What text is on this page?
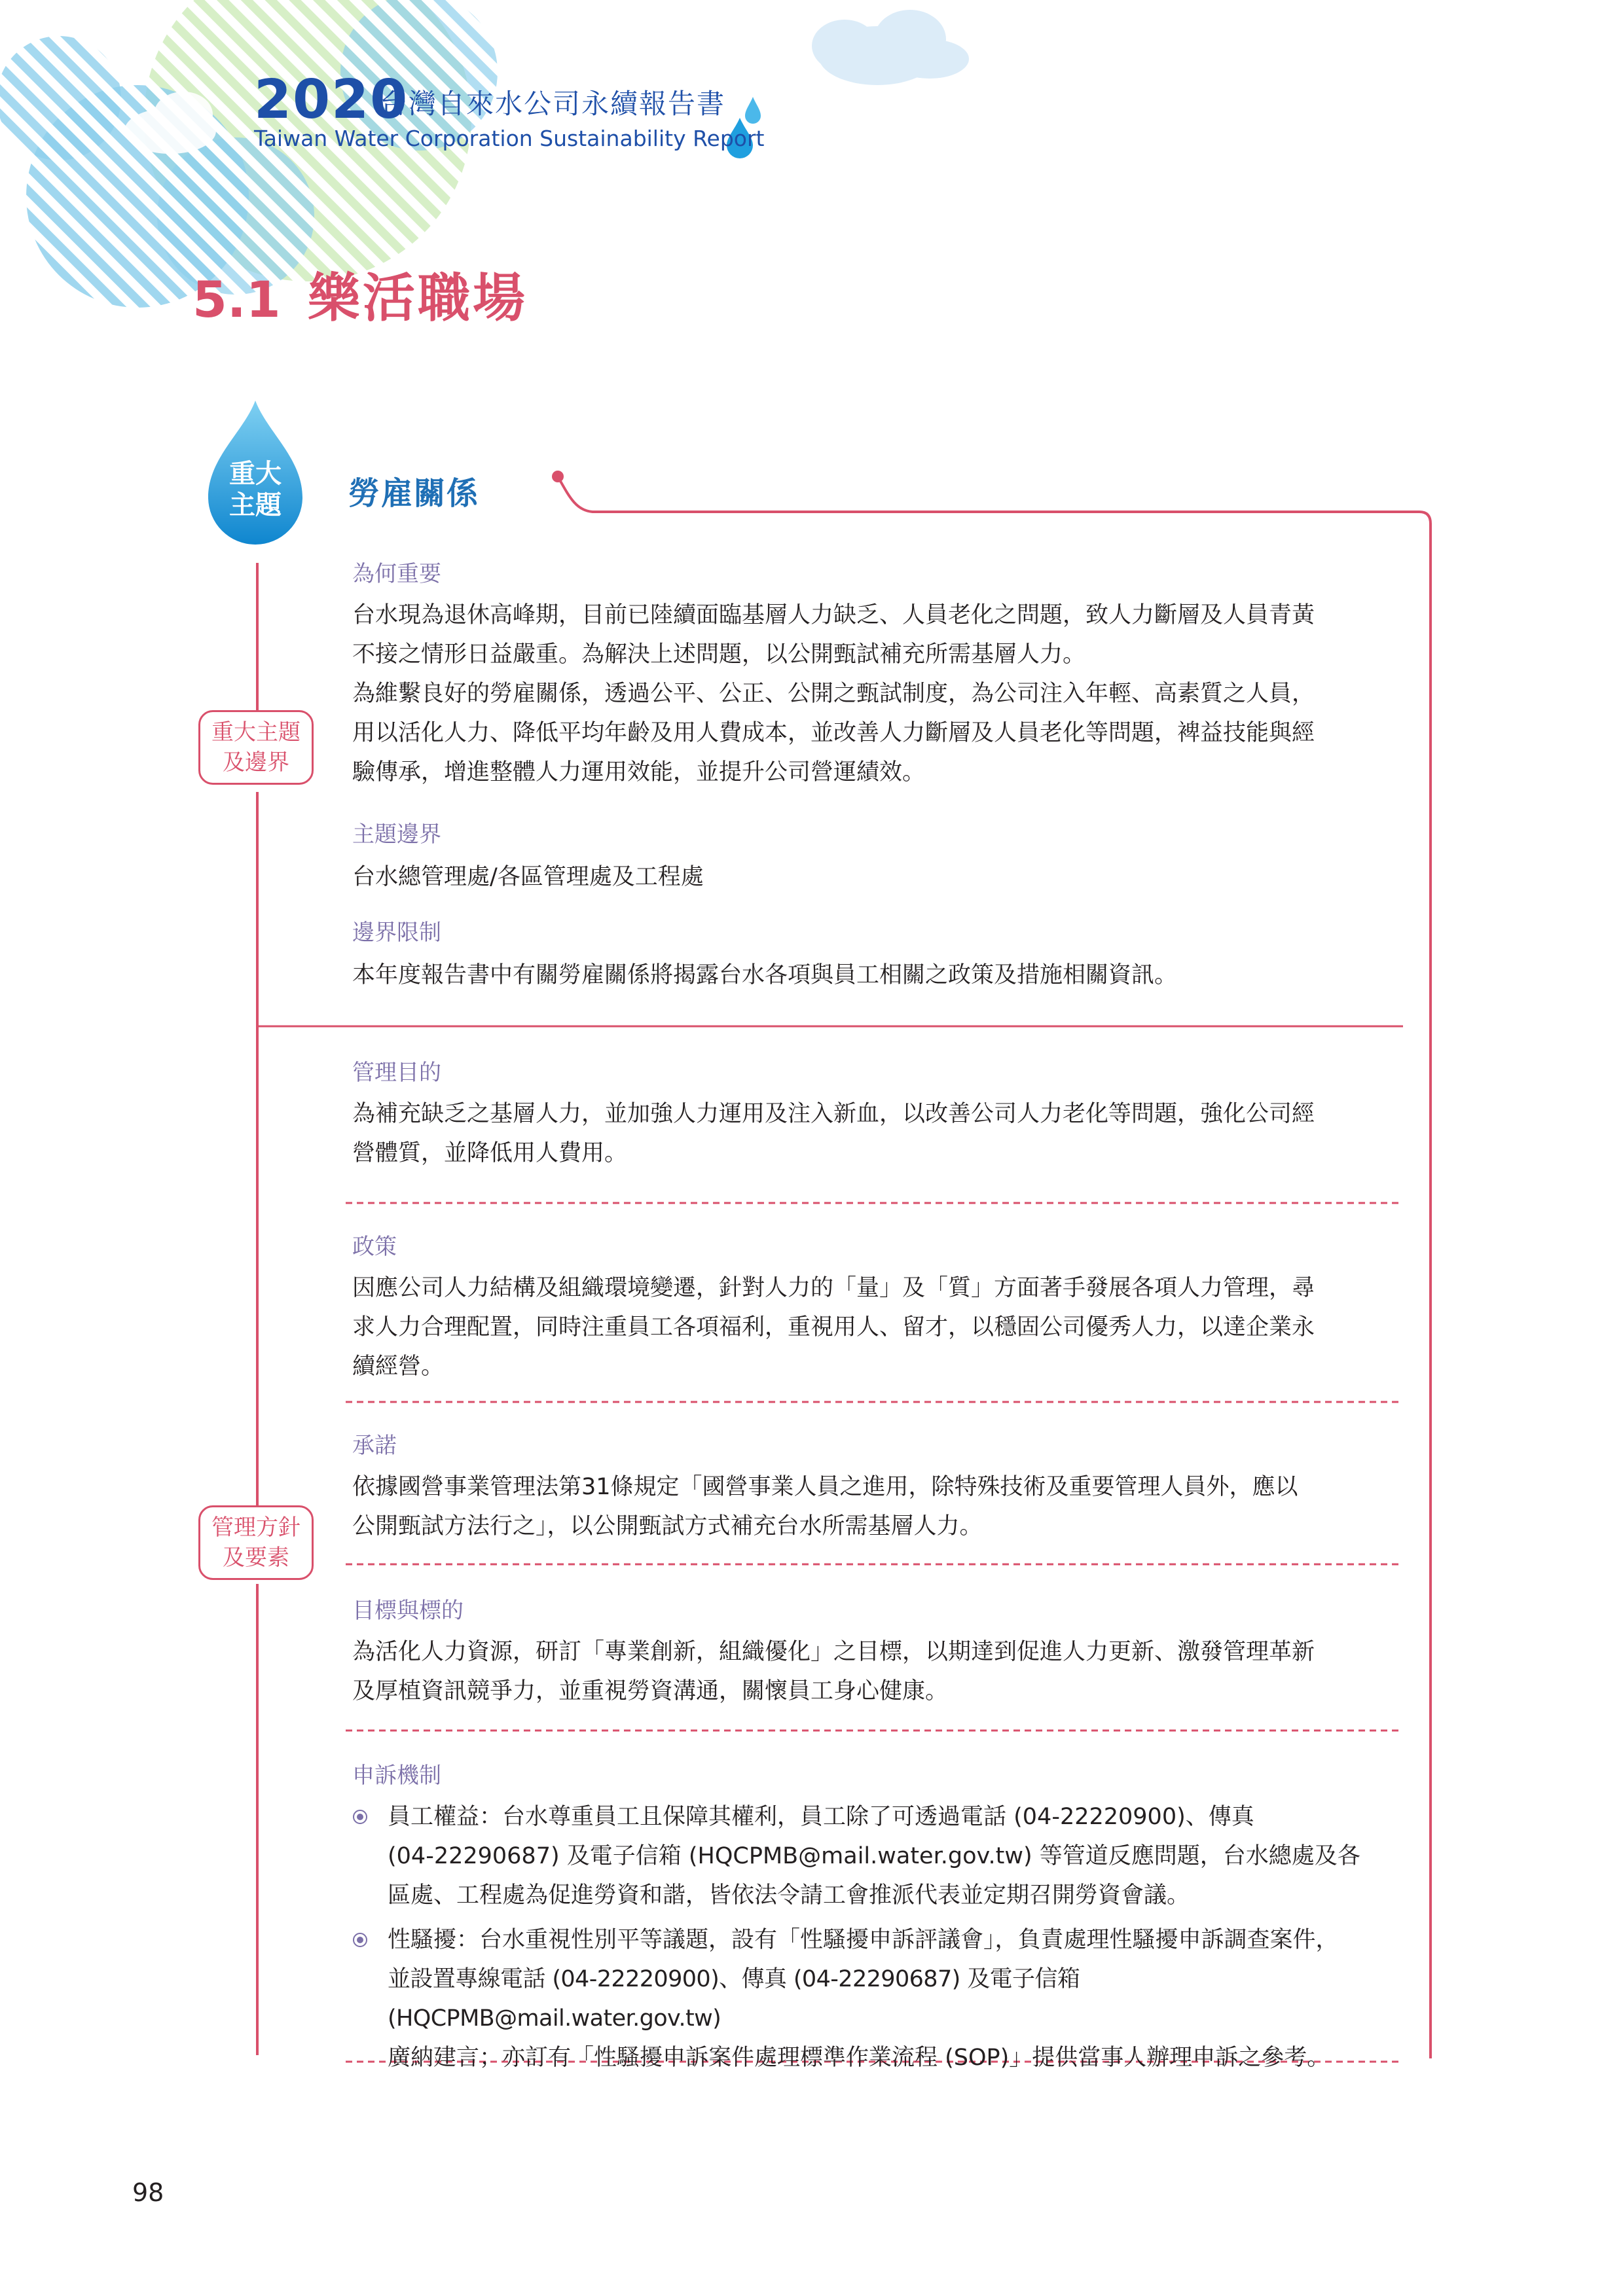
2020
台灣自來水公司永續報告書
Taiwan Water Corporation Sustainability Report
5.1 樂活職場
重大
主題	勞雇關係
重大主題
及邊界
管理方針
及要素
為何重要

台水現為退休高峰期，目前已陸續面臨基層人力缺乏、人員老化之問題，致人力斷層及人員青黃

不接之情形日益嚴重。為解決上述問題，以公開甄試補充所需基層人力。

為維繫良好的勞雇關係，透過公平、公正、公開之甄試制度，為公司注入年輕、高素質之人員，

用以活化人力、降低平均年齡及用人費成本，並改善人力斷層及人員老化等問題，裨益技能與經

驗傳承，增進整體人力運用效能，並提升公司營運績效。

主題邊界

台水總管理處/各區管理處及工程處

邊界限制

本年度報告書中有關勞雇關係將揭露台水各項與員工相關之政策及措施相關資訊。

管理目的

為補充缺乏之基層人力，並加強人力運用及注入新血，以改善公司人力老化等問題，強化公司經

營體質，並降低用人費用。

政策

因應公司人力結構及組織環境變遷，針對人力的「量」及「質」方面著手發展各項人力管理，尋

求人力合理配置，同時注重員工各項福利，重視用人、留才，以穩固公司優秀人力，以達企業永

續經營。

承諾

依據國營事業管理法第31條規定「國營事業人員之進用，除特殊技術及重要管理人員外，應以

公開甄試方法行之」，以公開甄試方式補充台水所需基層人力。

目標與標的

為活化人力資源，研訂「專業創新，組織優化」之目標，以期達到促進人力更新、激發管理革新

及厚植資訊競爭力，並重視勞資溝通，關懷員工身心健康。

申訴機制

員工權益：台水尊重員工且保障其權利，員工除了可透過電話 (04-22220900)、傳真

(04-22290687) 及電子信箱 (HQCPMB@mail.water.gov.tw) 等管道反應問題，台水總處及各

區處、工程處為促進勞資和諧，皆依法令請工會推派代表並定期召開勞資會議。

性騷擾：台水重視性別平等議題，設有「性騷擾申訴評議會」，負責處理性騷擾申訴調查案件，

並設置專線電話 (04-22220900)、傳真 (04-22290687) 及電子信箱 (HQCPMB@mail.water.gov.tw)

廣納建言；亦訂有「性騷擾申訴案件處理標準作業流程 (SOP)」提供當事人辦理申訴之參考。

98
